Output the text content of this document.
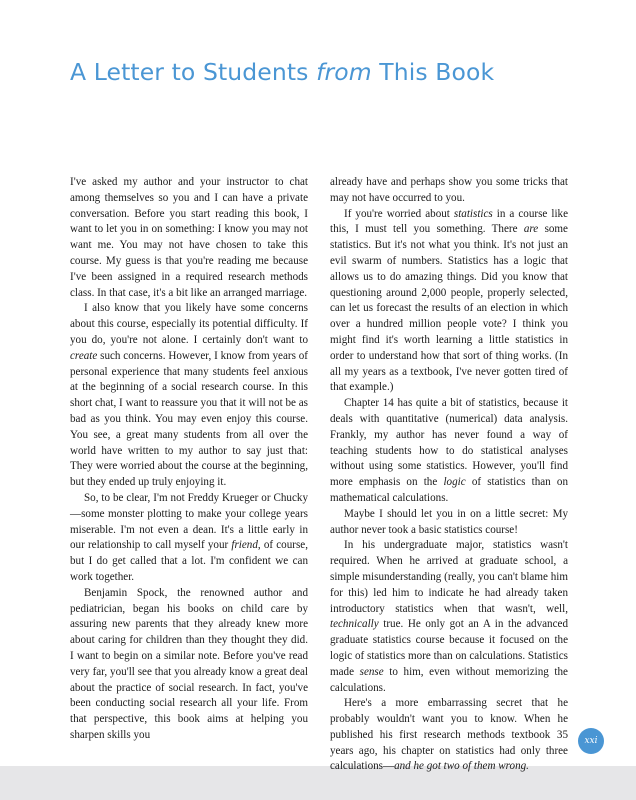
A Letter to Students from This Book

I've asked my author and your instructor to chat among themselves so you and I can have a private conversation. Before you start reading this book, I want to let you in on something: I know you may not want me. You may not have chosen to take this course. My guess is that you're reading me because I've been assigned in a required research methods class. In that case, it's a bit like an arranged marriage.

I also know that you likely have some concerns about this course, especially its potential difficulty. If you do, you're not alone. I certainly don't want to create such concerns. However, I know from years of personal experience that many students feel anxious at the beginning of a social research course. In this short chat, I want to reassure you that it will not be as bad as you think. You may even enjoy this course. You see, a great many students from all over the world have written to my author to say just that: They were worried about the course at the beginning, but they ended up truly enjoying it.

So, to be clear, I'm not Freddy Krueger or Chucky—some monster plotting to make your college years miserable. I'm not even a dean. It's a little early in our relationship to call myself your friend, of course, but I do get called that a lot. I'm confident we can work together.

Benjamin Spock, the renowned author and pediatrician, began his books on child care by assuring new parents that they already knew more about caring for children than they thought they did. I want to begin on a similar note. Before you've read very far, you'll see that you already know a great deal about the practice of social research. In fact, you've been conducting social research all your life. From that perspective, this book aims at helping you sharpen skills you

already have and perhaps show you some tricks that may not have occurred to you.

If you're worried about statistics in a course like this, I must tell you something. There are some statistics. But it's not what you think. It's not just an evil swarm of numbers. Statistics has a logic that allows us to do amazing things. Did you know that questioning around 2,000 people, properly selected, can let us forecast the results of an election in which over a hundred million people vote? I think you might find it's worth learning a little statistics in order to understand how that sort of thing works. (In all my years as a textbook, I've never gotten tired of that example.)

Chapter 14 has quite a bit of statistics, because it deals with quantitative (numerical) data analysis. Frankly, my author has never found a way of teaching students how to do statistical analyses without using some statistics. However, you'll find more emphasis on the logic of statistics than on mathematical calculations.

Maybe I should let you in on a little secret: My author never took a basic statistics course!

In his undergraduate major, statistics wasn't required. When he arrived at graduate school, a simple misunderstanding (really, you can't blame him for this) led him to indicate he had already taken introductory statistics when that wasn't, well, technically true. He only got an A in the advanced graduate statistics course because it focused on the logic of statistics more than on calculations. Statistics made sense to him, even without memorizing the calculations.

Here's a more embarrassing secret that he probably wouldn't want you to know. When he published his first research methods textbook 35 years ago, his chapter on statistics had only three calculations—and he got two of them wrong.

xxi
